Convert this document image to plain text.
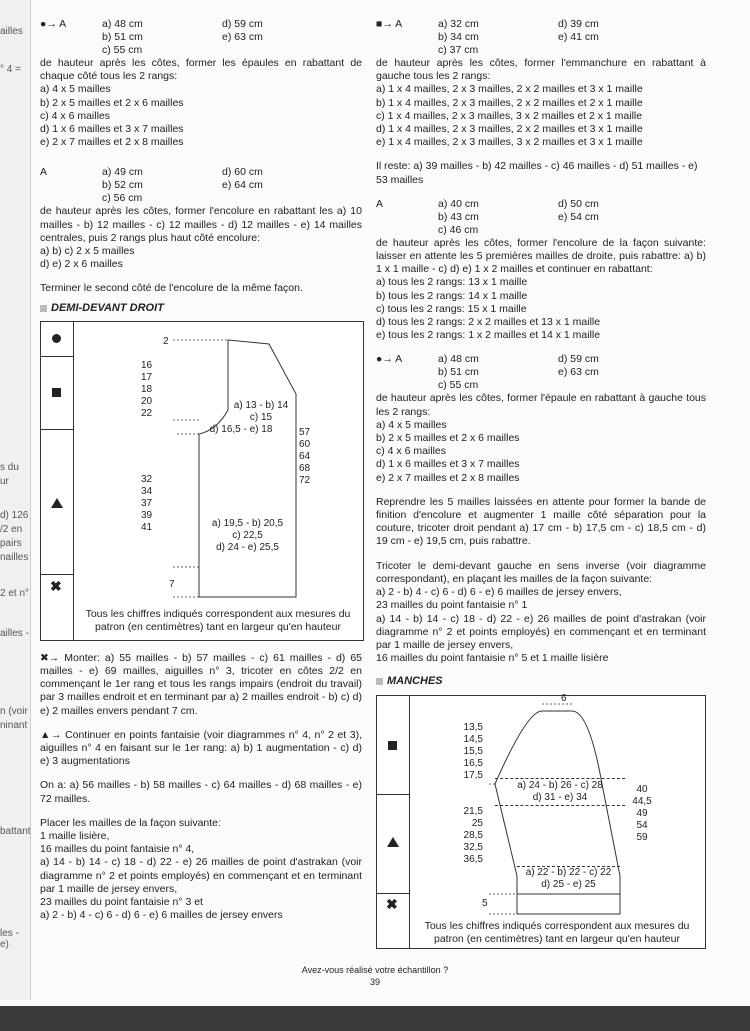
ailles
° 4 =
s du
ur
d) 126
/2 en
pairs
nailles
2 et n°
ailles -
n (voir
ninant
battant
les - e)
●→ A	a) 48 cm	d) 59 cm
b) 51 cm	e) 63 cm
c) 55 cm

de hauteur après les côtes, former les épaules en rabattant de chaque côté tous les 2 rangs:

a) 4 x 5 mailles
b) 2 x 5 mailles et 2 x 6 mailles
c) 4 x 6 mailles
d) 1 x 6 mailles et 3 x 7 mailles
e) 2 x 7 mailles et 2 x 8 mailles
A	a) 49 cm	d) 60 cm
b) 52 cm	e) 64 cm
c) 56 cm

de hauteur après les côtes, former l'encolure en rabattant les a) 10 mailles - b) 12 mailles - c) 12 mailles - d) 12 mailles - e) 14 mailles centrales, puis 2 rangs plus haut côté encolure:

a) b) c) 2 x 5 mailles
d) e) 2 x 6 mailles

Terminer le second côté de l'encolure de la même façon.

DEMI-DEVANT DROIT
✖
2
16
17
18
20
22
32
34
37
39
41
57
60
64
68
72
a) 13 - b) 14
c) 15
d) 16,5 - e) 18
a) 19,5 - b) 20,5
c) 22,5
d) 24 - e) 25,5
7
Tous les chiffres indiqués correspondent aux mesures du patron (en centimètres) tant en largeur qu'en hauteur

✖→ Monter: a) 55 mailles - b) 57 mailles - c) 61 mailles - d) 65 mailles - e) 69 mailles, aiguilles n° 3, tricoter en côtes 2/2 en commençant le 1er rang et tous les rangs impairs (endroit du travail) par 3 mailles endroit et en terminant par a) 2 mailles endroit - b) c) d) e) 2 mailles envers pendant 7 cm.

▲→ Continuer en points fantaisie (voir diagrammes n° 4, n° 2 et 3), aiguilles n° 4 en faisant sur le 1er rang: a) b) 1 augmentation - c) d) e) 3 augmentations

On a: a) 56 mailles - b) 58 mailles - c) 64 mailles - d) 68 mailles - e) 72 mailles.

Placer les mailles de la façon suivante:
1 maille lisière,
16 mailles du point fantaisie n° 4,
a) 14 - b) 14 - c) 18 - d) 22 - e) 26 mailles de point d'astrakan (voir diagramme n° 2 et points employés) en commençant et en terminant par 1 maille de jersey envers,
23 mailles du point fantaisie n° 3 et
a) 2 - b) 4 - c) 6 - d) 6 - e) 6 mailles de jersey envers
■→ A	a) 32 cm	d) 39 cm
b) 34 cm	e) 41 cm
c) 37 cm

de hauteur après les côtes, former l'emmanchure en rabattant à gauche tous les 2 rangs:

a) 1 x 4 mailles, 2 x 3 mailles, 2 x 2 mailles et 3 x 1 maille
b) 1 x 4 mailles, 2 x 3 mailles, 2 x 2 mailles et 2 x 1 maille
c) 1 x 4 mailles, 2 x 3 mailles, 3 x 2 mailles et 2 x 1 maille
d) 1 x 4 mailles, 2 x 3 mailles, 2 x 2 mailles et 3 x 1 maille
e) 1 x 4 mailles, 2 x 3 mailles, 3 x 2 mailles et 3 x 1 maille

Il reste: a) 39 mailles - b) 42 mailles - c) 46 mailles - d) 51 mailles - e) 53 mailles

A	a) 40 cm	d) 50 cm
b) 43 cm	e) 54 cm
c) 46 cm

de hauteur après les côtes, former l'encolure de la façon suivante: laisser en attente les 5 premières mailles de droite, puis rabattre: a) b) 1 x 1 maille - c) d) e) 1 x 2 mailles et continuer en rabattant:

a) tous les 2 rangs: 13 x 1 maille
b) tous les 2 rangs: 14 x 1 maille
c) tous les 2 rangs: 15 x 1 maille
d) tous les 2 rangs: 2 x 2 mailles et 13 x 1 maille
e) tous les 2 rangs: 1 x 2 mailles et 14 x 1 maille
●→ A	a) 48 cm	d) 59 cm
b) 51 cm	e) 63 cm
c) 55 cm

de hauteur après les côtes, former l'épaule en rabattant à gauche tous les 2 rangs:

a) 4 x 5 mailles
b) 2 x 5 mailles et 2 x 6 mailles
c) 4 x 6 mailles
d) 1 x 6 mailles et 3 x 7 mailles
e) 2 x 7 mailles et 2 x 8 mailles

Reprendre les 5 mailles laissées en attente pour former la bande de finition d'encolure et augmenter 1 maille côté séparation pour la couture, tricoter droit pendant a) 17 cm - b) 17,5 cm - c) 18,5 cm - d) 19 cm - e) 19,5 cm, puis rabattre.

Tricoter le demi-devant gauche en sens inverse (voir diagramme correspondant), en plaçant les mailles de la façon suivante:
a) 2 - b) 4 - c) 6 - d) 6 - e) 6 mailles de jersey envers,
23 mailles du point fantaisie n° 1
a) 14 - b) 14 - c) 18 - d) 22 - e) 26 mailles de point d'astrakan (voir diagramme n° 2 et points employés) en commençant et en terminant par 1 maille de jersey envers,
16 mailles du point fantaisie n° 5 et 1 maille lisière
MANCHES
✖
6
13,5
14,5
15,5
16,5
17,5
21,5
25
28,5
32,5
36,5
40
44,5
49
54
59
a) 24 - b) 26 - c) 28
d) 31 - e) 34
a) 22 - b) 22 - c) 22
d) 25 - e) 25
5
Tous les chiffres indiqués correspondent aux mesures du patron (en centimètres) tant en largeur qu'en hauteur
Avez-vous réalisé votre échantillon ?
39
